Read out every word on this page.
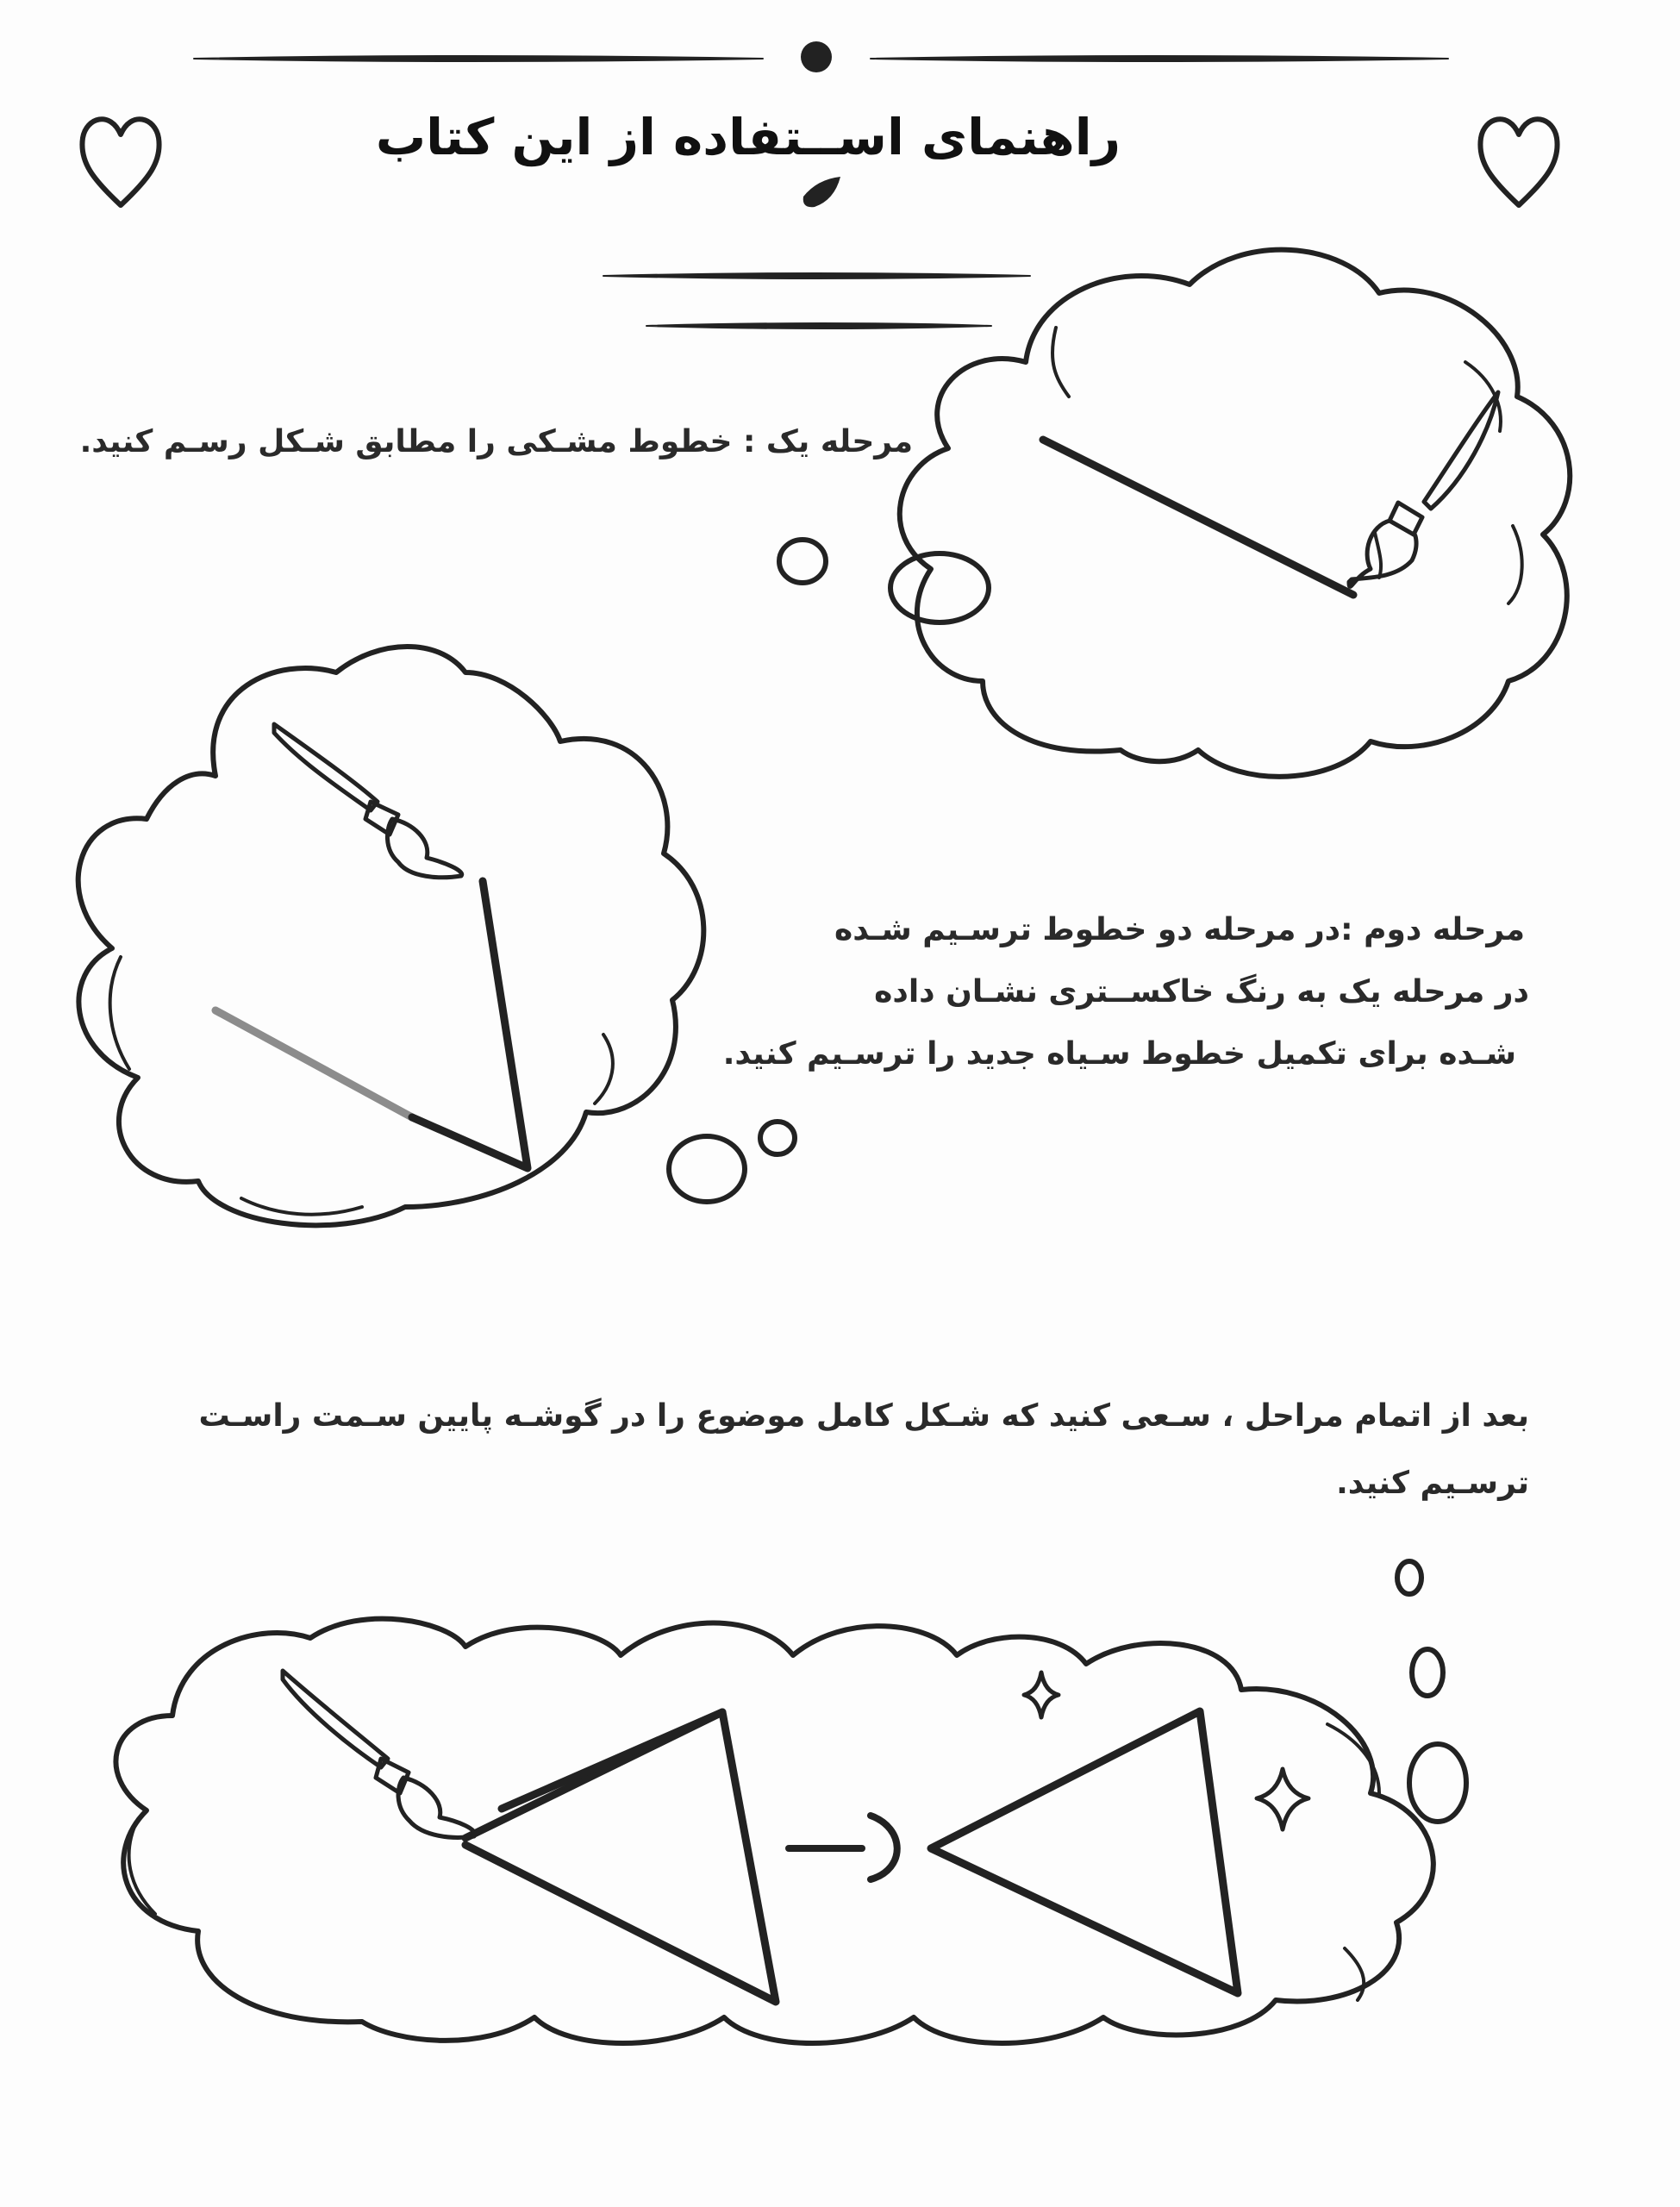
راهنمای اســتفاده از این کتاب

مرحله یک : خطوط مشـکی را مطابق شـکل رسـم کنید.

مرحله دوم :در مرحله دو خطوط ترسـیم شـده

در مرحله یک به رنگ خاکســتری نشـان داده

شـده برای تکمیل خطوط سـیاه جدید را ترسـیم کنید.

بعد از اتمام مراحل ، سـعی کنید که شـکل کامل موضوع را در گوشـه پایین سـمت راسـت

ترسـیم کنید.
